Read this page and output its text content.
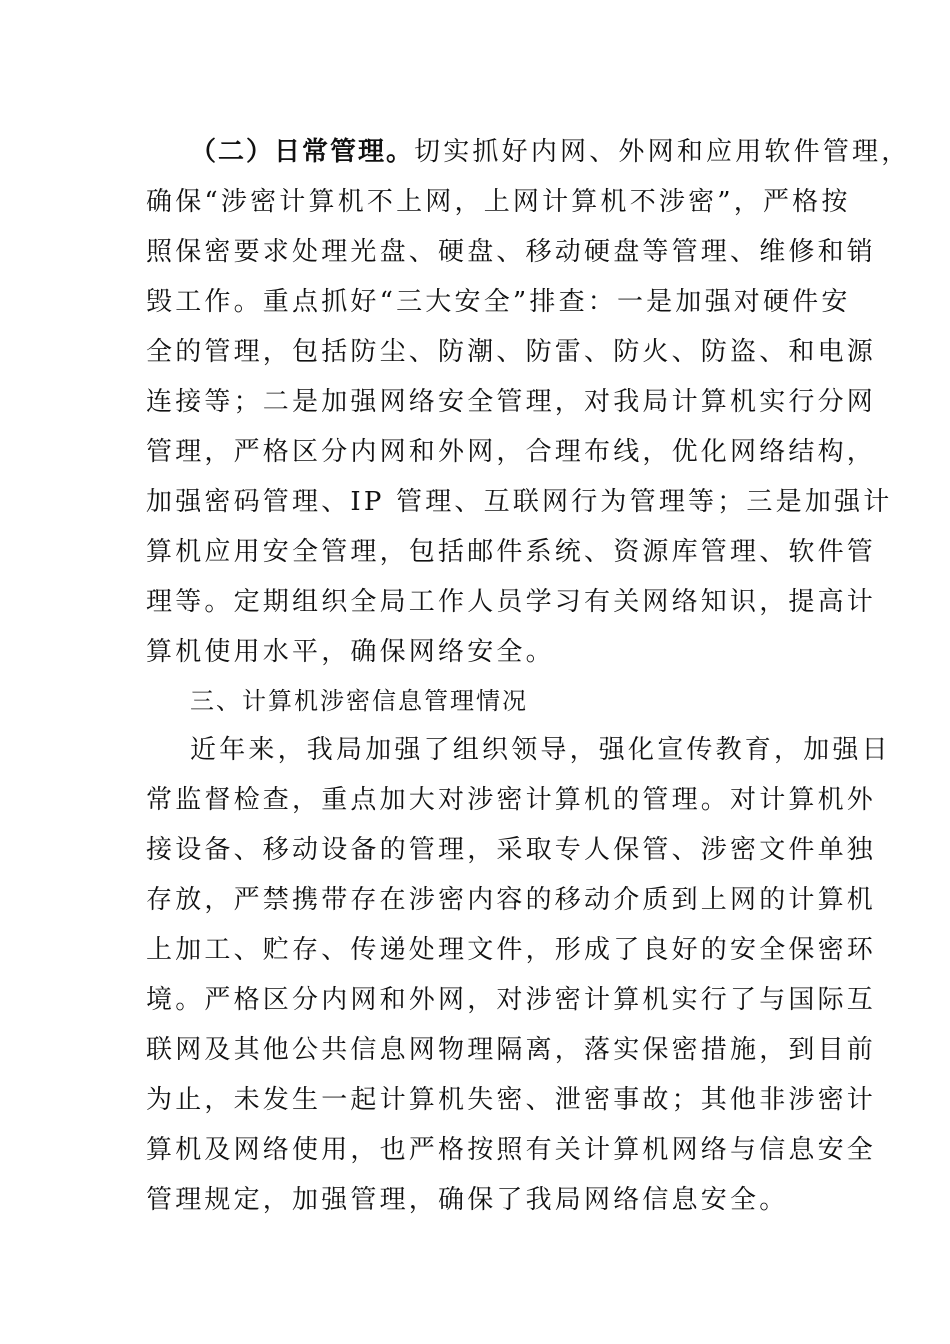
（二）日常管理。切实抓好内网、外网和应用软件管理，
确保“涉密计算机不上网，上网计算机不涉密”，严格按
照保密要求处理光盘、硬盘、移动硬盘等管理、维修和销
毁工作。重点抓好“三大安全”排查：一是加强对硬件安
全的管理，包括防尘、防潮、防雷、防火、防盗、和电源
连接等；二是加强网络安全管理，对我局计算机实行分网
管理，严格区分内网和外网，合理布线，优化网络结构，
加强密码管理、IP 管理、互联网行为管理等；三是加强计
算机应用安全管理，包括邮件系统、资源库管理、软件管
理等。定期组织全局工作人员学习有关网络知识，提高计
算机使用水平，确保网络安全。
三、计算机涉密信息管理情况
近年来，我局加强了组织领导，强化宣传教育，加强日
常监督检查，重点加大对涉密计算机的管理。对计算机外
接设备、移动设备的管理，采取专人保管、涉密文件单独
存放，严禁携带存在涉密内容的移动介质到上网的计算机
上加工、贮存、传递处理文件，形成了良好的安全保密环
境。严格区分内网和外网，对涉密计算机实行了与国际互
联网及其他公共信息网物理隔离，落实保密措施，到目前
为止，未发生一起计算机失密、泄密事故；其他非涉密计
算机及网络使用，也严格按照有关计算机网络与信息安全
管理规定，加强管理，确保了我局网络信息安全。
